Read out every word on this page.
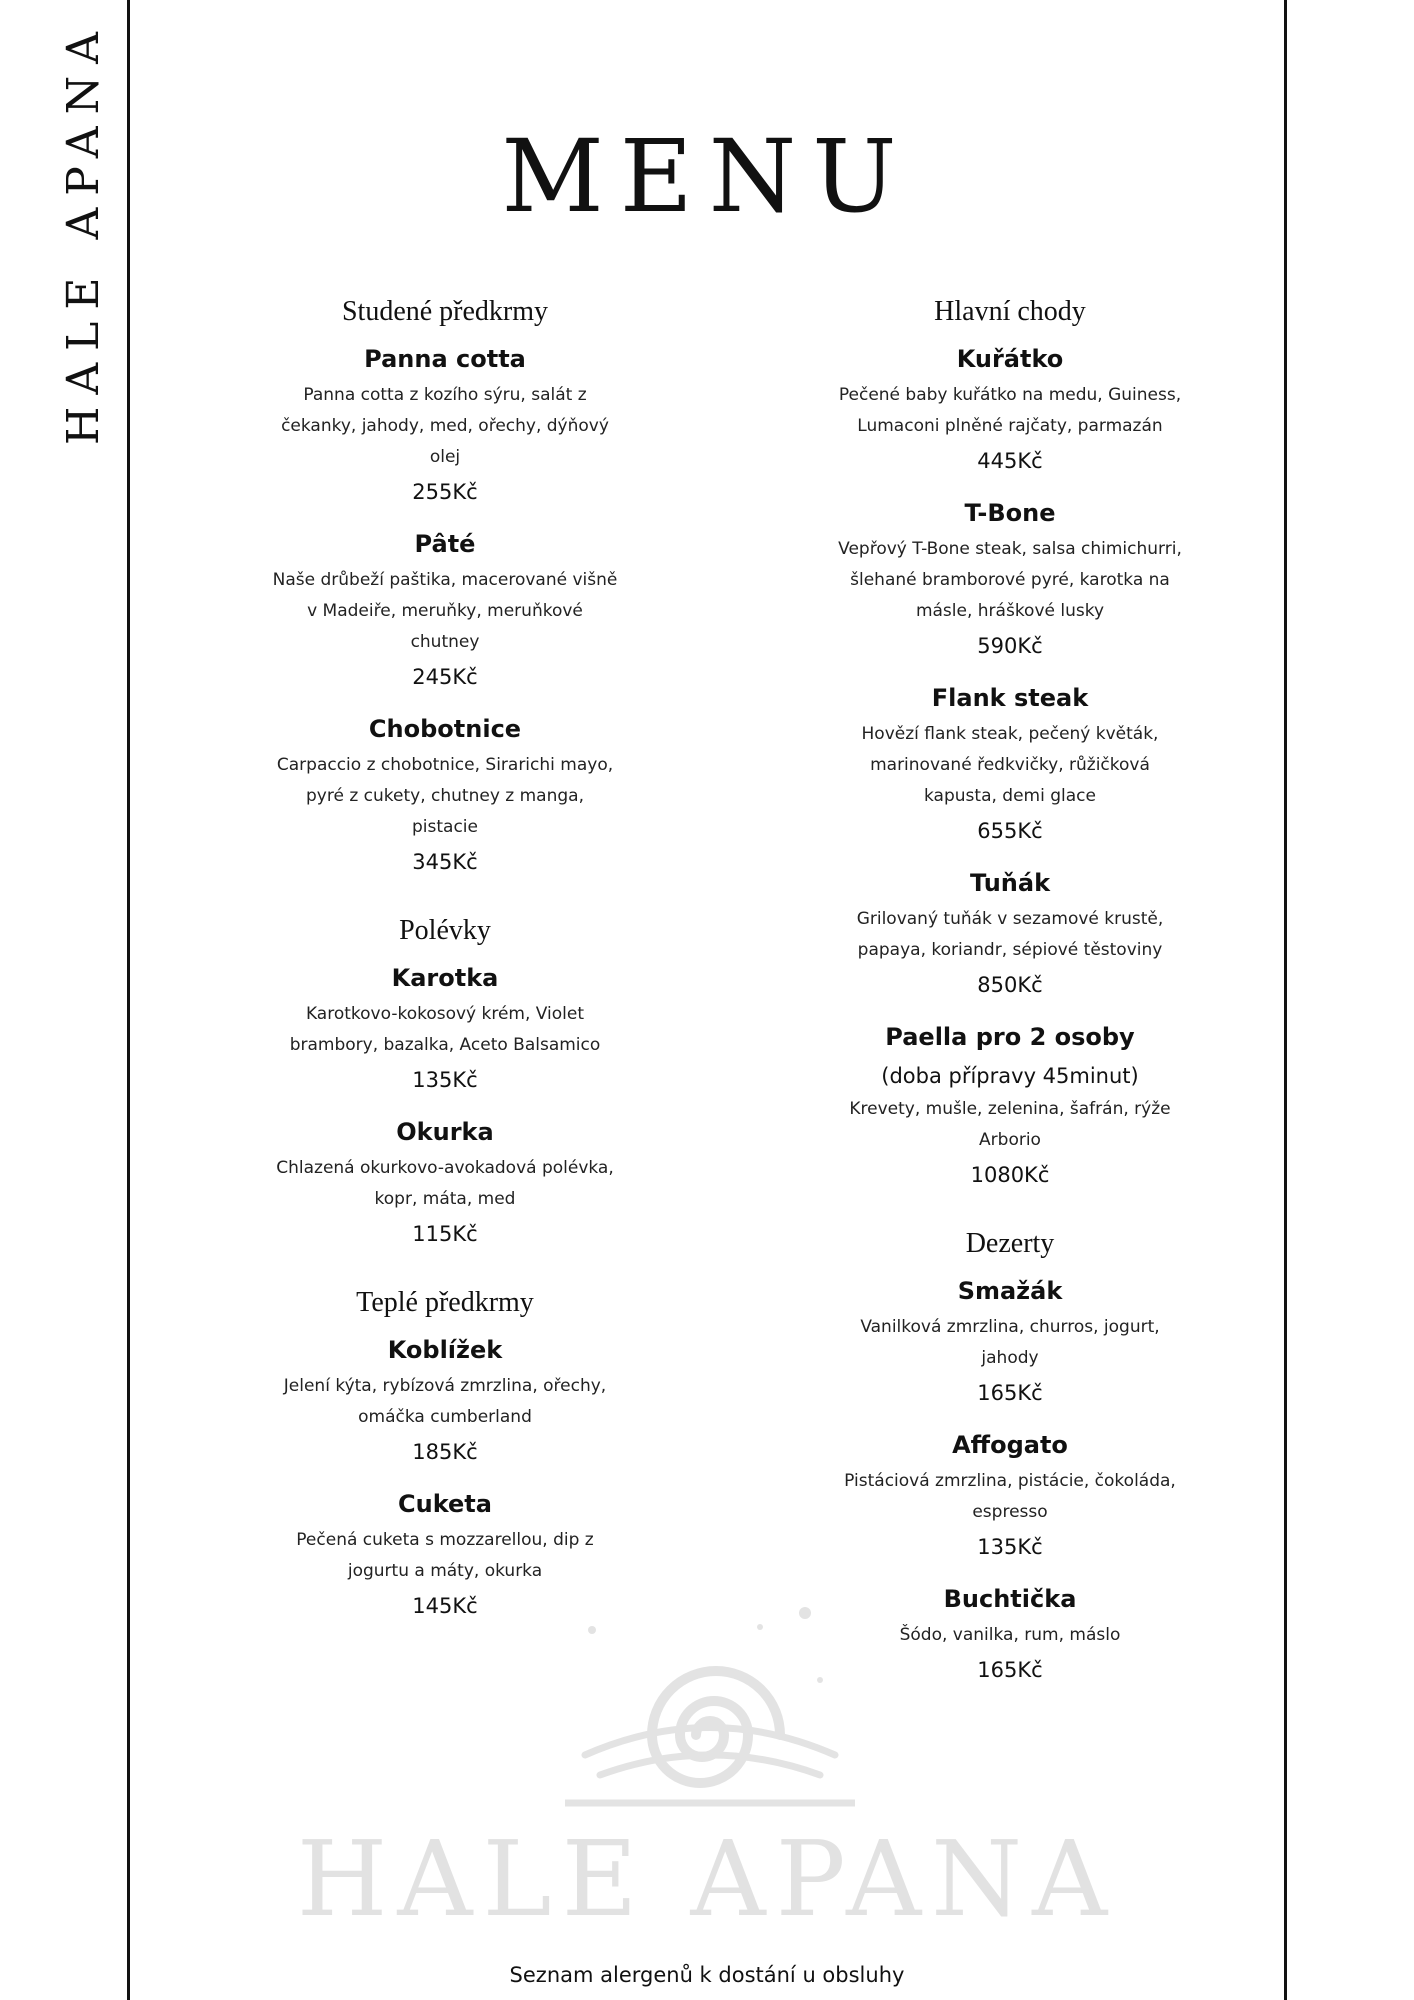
HALE APANA	MENU
Studené předkrmy
Panna cotta
Panna cotta z kozího sýru, salát z čekanky, jahody, med, ořechy, dýňový olej
255Kč
Pâté
Naše drůbeží paštika, macerované višně v Madeiře, meruňky, meruňkové chutney
245Kč
Chobotnice
Carpaccio z chobotnice, Sirarichi mayo, pyré z cukety, chutney z manga, pistacie
345Kč
Polévky
Karotka
Karotkovo-kokosový krém, Violet brambory, bazalka, Aceto Balsamico
135Kč
Okurka
Chlazená okurkovo-avokadová polévka, kopr, máta, med
115Kč
Teplé předkrmy
Koblížek
Jelení kýta, rybízová zmrzlina, ořechy, omáčka cumberland
185Kč
Cuketa
Pečená cuketa s mozzarellou, dip z jogurtu a máty, okurka
145Kč
Hlavní chody
Kuřátko
Pečené baby kuřátko na medu, Guiness, Lumaconi plněné rajčaty, parmazán
445Kč
T-Bone
Vepřový T-Bone steak, salsa chimichurri, šlehané bramborové pyré, karotka na másle, hráškové lusky
590Kč
Flank steak
Hovězí flank steak, pečený květák, marinované ředkvičky, růžičková kapusta, demi glace
655Kč
Tuňák
Grilovaný tuňák v sezamové krustě, papaya, koriandr, sépiové těstoviny
850Kč
Paella pro 2 osoby
(doba přípravy 45minut)
Krevety, mušle, zelenina, šafrán, rýže Arborio
1080Kč
Dezerty
Smažák
Vanilková zmrzlina, churros, jogurt, jahody
165Kč
Affogato
Pistáciová zmrzlina, pistácie, čokoláda, espresso
135Kč
Buchtička
Šódo, vanilka, rum, máslo
165Kč
HALE APANA
Seznam alergenů k dostání u obsluhy
